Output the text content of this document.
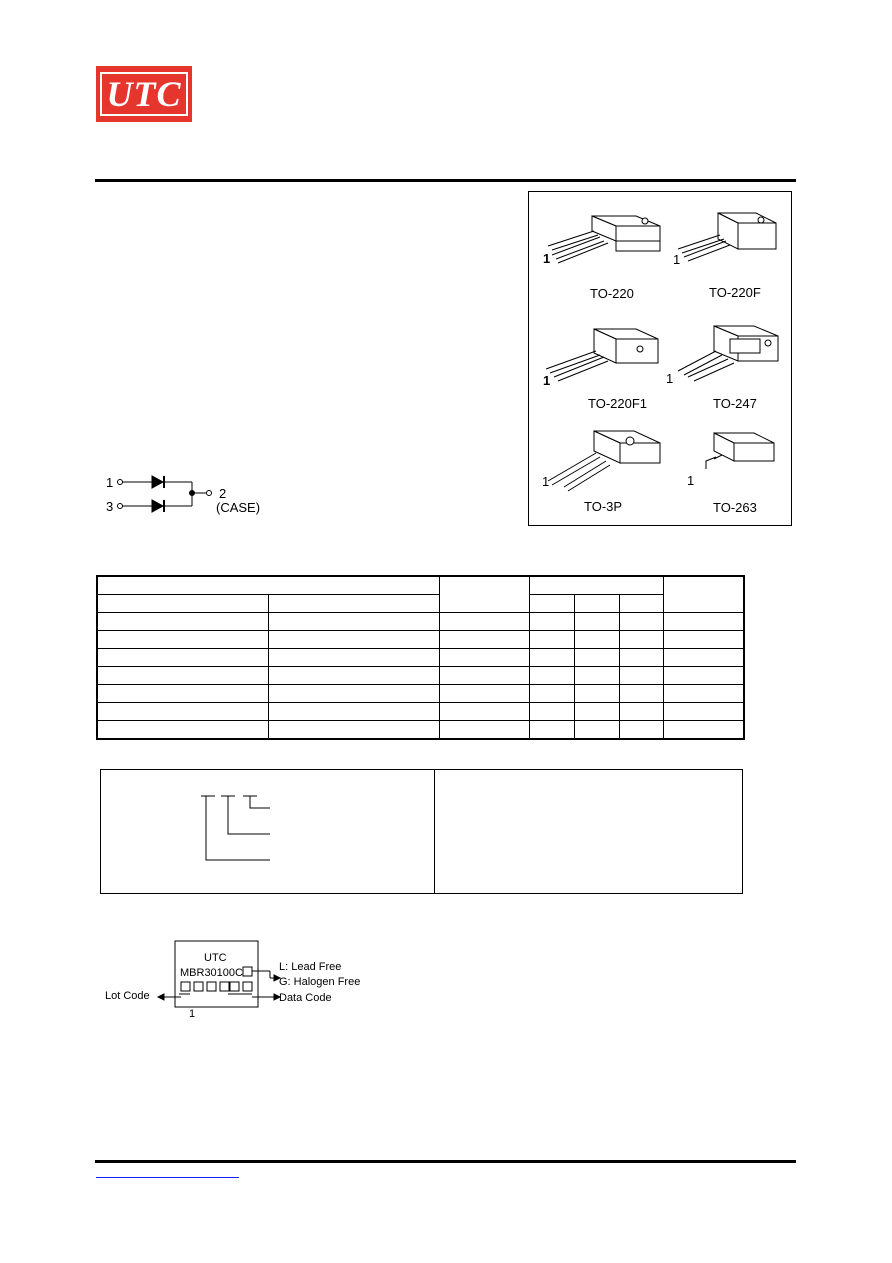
UTC
TO-220	TO-220F
TO-220F1	TO-247
TO-3P	TO-263
1	1
1	1
1	1
1
3
2
(CASE)

UTC
MBR30100C	L: Lead Free
G: Halogen Free
Lot Code	Data Code
1
